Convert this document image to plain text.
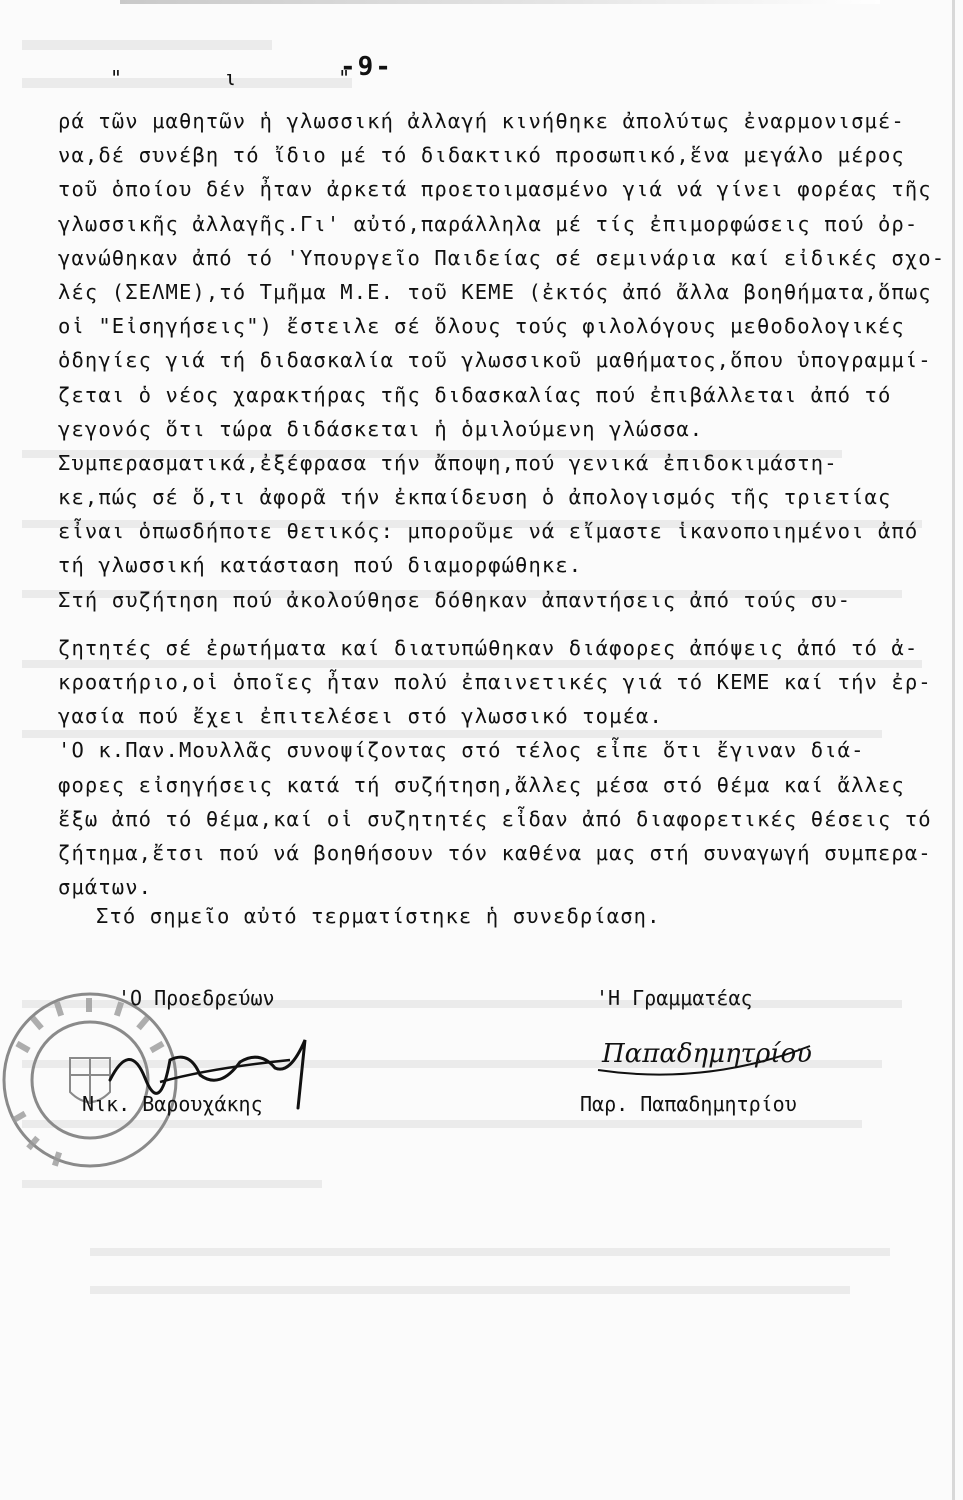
-9-
" ι "
ρά τῶν μαθητῶν ἡ γλωσσική ἀλλαγή κινήθηκε ἀπολύτως ἐναρμονισμέ-
να,δέ συνέβη τό ἴδιο μέ τό διδακτικό προσωπικό,ἕνα μεγάλο μέρος
τοῦ ὁποίου δέν ἦταν ἀρκετά προετοιμασμένο γιά νά γίνει φορέας τῆς
γλωσσικῆς ἀλλαγῆς.Γι' αὐτό,παράλληλα μέ τίς ἐπιμορφώσεις πού ὀρ-
γανώθηκαν ἀπό τό 'Υπουργεῖο Παιδείας σέ σεμινάρια καί εἰδικές σχο-
λές (ΣΕΛΜΕ),τό Τμῆμα Μ.Ε. τοῦ ΚΕΜΕ (ἐκτός ἀπό ἄλλα βοηθήματα,ὅπως
οἱ "Εἰσηγήσεις") ἔστειλε σέ ὅλους τούς φιλολόγους μεθοδολογικές
ὁδηγίες γιά τή διδασκαλία τοῦ γλωσσικοῦ μαθήματος,ὅπου ὑπογραμμί-
ζεται ὁ νέος χαρακτήρας τῆς διδασκαλίας πού ἐπιβάλλεται ἀπό τό
γεγονός ὅτι τώρα διδάσκεται ἡ ὁμιλούμενη γλώσσα.
Συμπερασματικά,ἐξέφρασα τήν ἄποψη,πού γενικά ἐπιδοκιμάστη-
κε,πώς σέ ὅ,τι ἀφορᾶ τήν ἐκπαίδευση ὁ ἀπολογισμός τῆς τριετίας
εἶναι ὁπωσδήποτε θετικός: μποροῦμε νά εἴμαστε ἱκανοποιημένοι ἀπό
τή γλωσσική κατάσταση πού διαμορφώθηκε.
Στή συζήτηση πού ἀκολούθησε δόθηκαν ἀπαντήσεις ἀπό τούς συ-
ζητητές σέ ἐρωτήματα καί διατυπώθηκαν διάφορες ἀπόψεις ἀπό τό ἀ-
κροατήριο,οἱ ὁποῖες ἦταν πολύ ἐπαινετικές γιά τό ΚΕΜΕ καί τήν ἐρ-
γασία πού ἔχει ἐπιτελέσει στό γλωσσικό τομέα.
'Ο κ.Παν.Μουλλᾶς συνοψίζοντας στό τέλος εἶπε ὅτι ἔγιναν διά-
φορες εἰσηγήσεις κατά τή συζήτηση,ἄλλες μέσα στό θέμα καί ἄλλες
ἔξω ἀπό τό θέμα,καί οἱ συζητητές εἶδαν ἀπό διαφορετικές θέσεις τό
ζήτημα,ἔτσι πού νά βοηθήσουν τόν καθένα μας στή συναγωγή συμπερα-
σμάτων.
Στό σημεῖο αὐτό τερματίστηκε ἡ συνεδρίαση.
'Ο Προεδρεύων	'Η Γραμματέας
Παπαδημητρίου
Νικ. Βαρουχάκης	Παρ. Παπαδημητρίου
